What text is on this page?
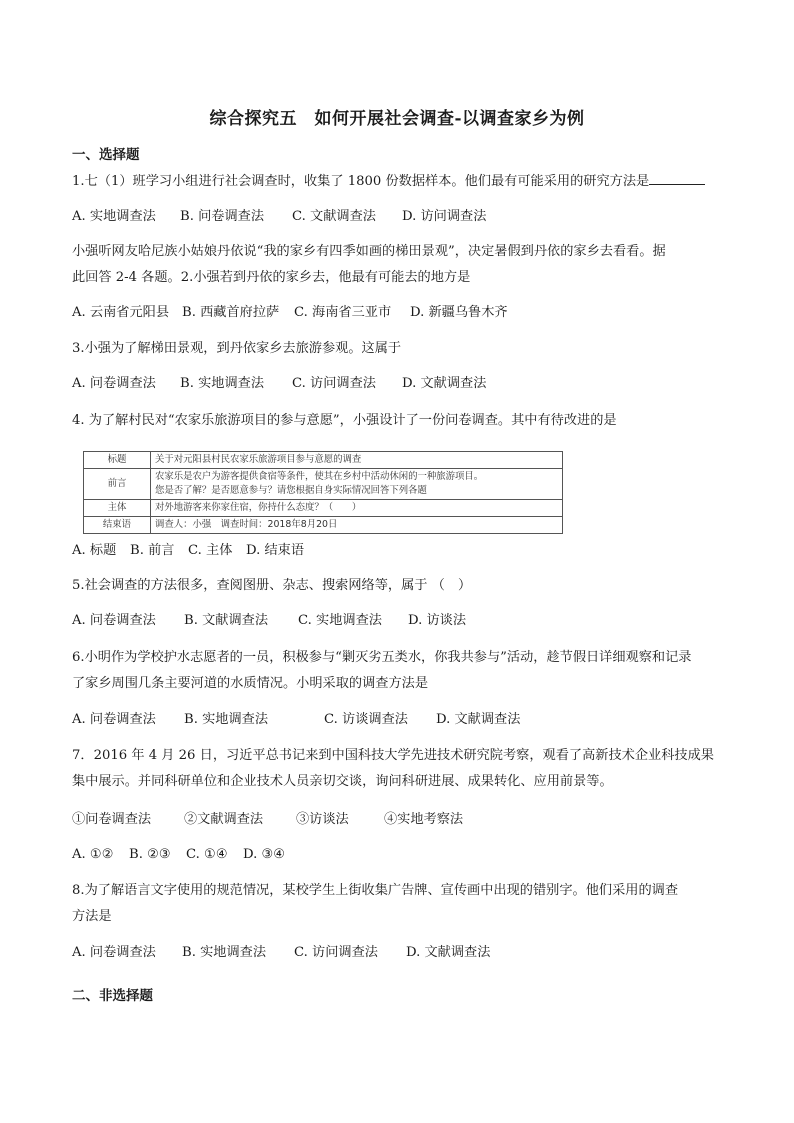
综合探究五　如何开展社会调查-以调查家乡为例
一、选择题
1.七（1）班学习小组进行社会调查时，收集了 1800 份数据样本。他们最有可能采用的研究方法是
A. 实地调查法 B. 问卷调查法 C. 文献调查法 D. 访问调查法
小强听网友哈尼族小姑娘丹依说“我的家乡有四季如画的梯田景观”，决定暑假到丹依的家乡去看看。据
此回答 2-4 各题。2.小强若到丹依的家乡去，他最有可能去的地方是
A. 云南省元阳县 B. 西藏首府拉萨 C. 海南省三亚市 D. 新疆乌鲁木齐
3.小强为了解梯田景观，到丹依家乡去旅游参观。这属于
A. 问卷调查法 B. 实地调查法 C. 访问调查法 D. 文献调查法
4. 为了解村民对“农家乐旅游项目的参与意愿”，小强设计了一份问卷调查。其中有待改进的是
标题	关于对元阳县村民农家乐旅游项目参与意愿的调查
前言	农家乐是农户为游客提供食宿等条件，使其在乡村中活动休闲的一种旅游项目。
您是否了解？是否愿意参与？请您根据自身实际情况回答下列各题

主体	对外地游客来你家住宿，你持什么态度？（　　）
结束语	调查人：小强　调查时间：2018年8月20日
A. 标题 B. 前言 C. 主体 D. 结束语
5.社会调查的方法很多，查阅图册、杂志、搜索网络等，属于 （　）
A. 问卷调查法 B. 文献调查法 C. 实地调查法 D. 访谈法
6.小明作为学校护水志愿者的一员，积极参与“剿灭劣五类水，你我共参与”活动，趁节假日详细观察和记录
了家乡周围几条主要河道的水质情况。小明采取的调查方法是
A. 问卷调查法 B. 实地调查法	C. 访谈调查法 D. 文献调查法
7．2016 年 4 月 26 日，习近平总书记来到中国科技大学先进技术研究院考察，观看了高新技术企业科技成果
集中展示。并同科研单位和企业技术人员亲切交谈，询问科研进展、成果转化、应用前景等。
①问卷调查法 ②文献调查法 ③访谈法	④实地考察法
A. ①② B. ②③ C. ①④ D. ③④
8.为了解语言文字使用的规范情况，某校学生上街收集广告牌、宣传画中出现的错别字。他们采用的调查
方法是
A. 问卷调查法 B. 实地调查法 C. 访问调查法 D. 文献调查法
二、非选择题
